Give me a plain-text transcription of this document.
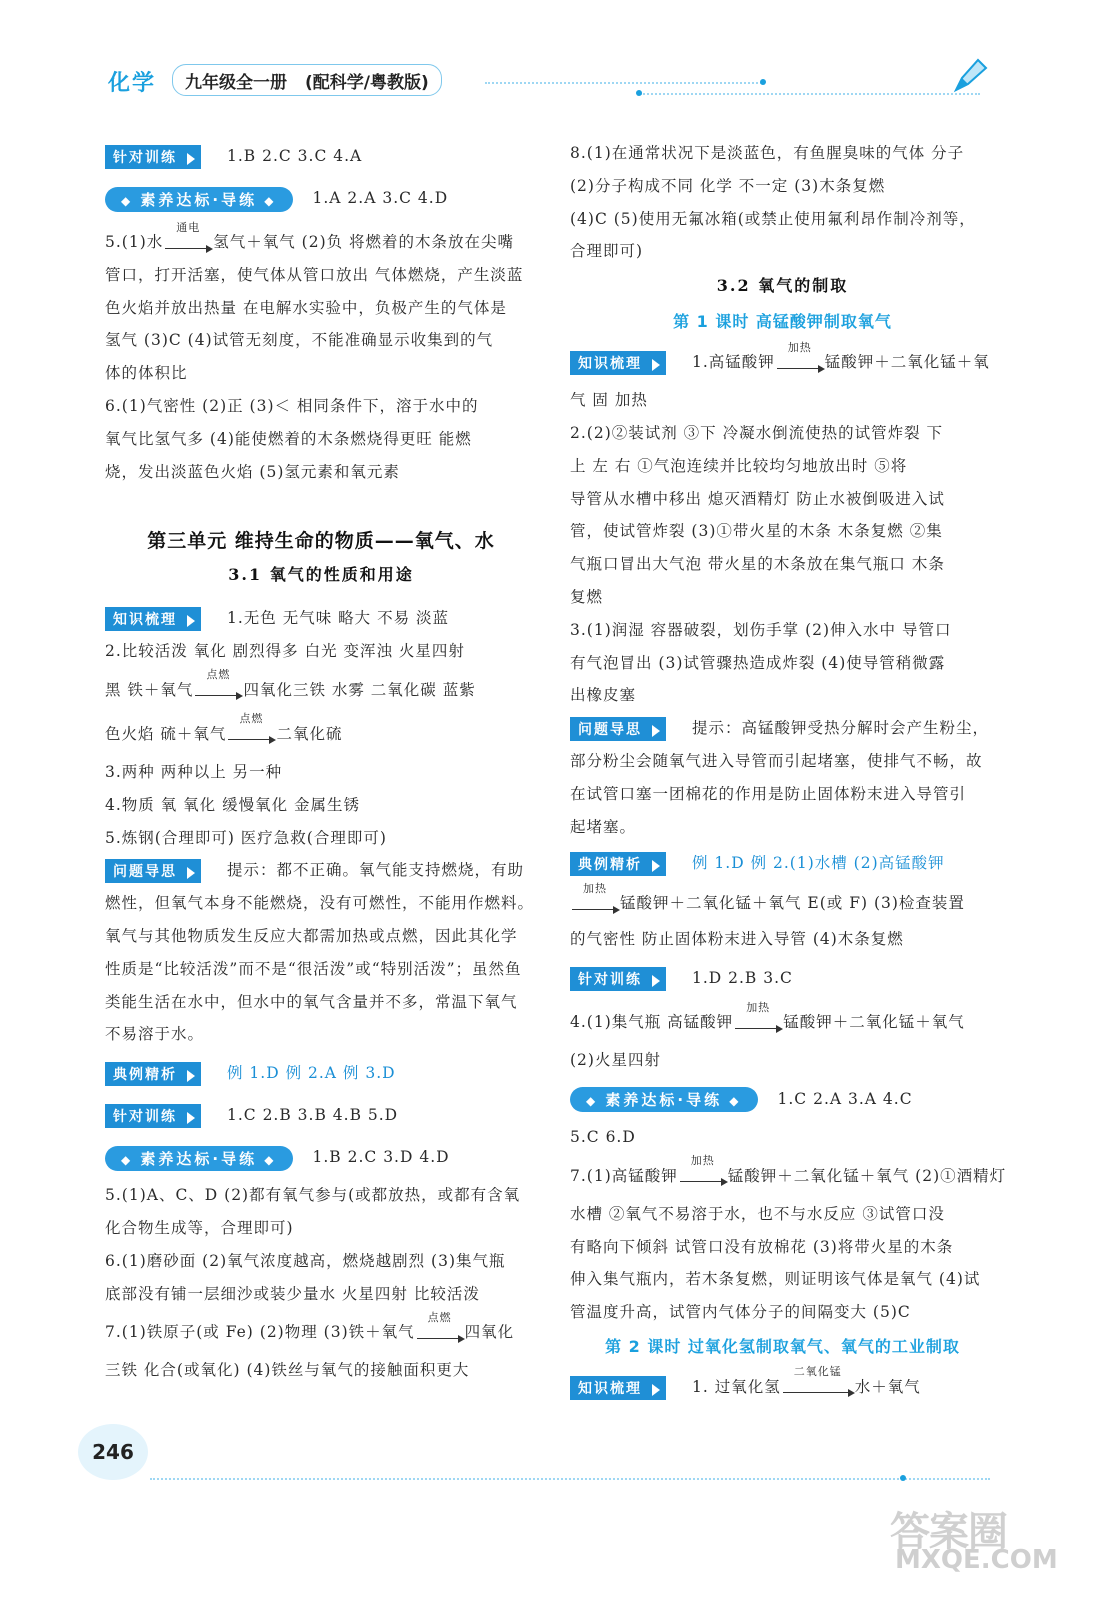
化学 九年级全一册 (配科学/粤教版)
针对训练	1.B 2.C 3.C 4.A
◆ 素养达标·导练 ◆	1.A 2.A 3.C 4.D
5.(1)水
通电
氢气＋氧气 (2)负 将燃着的木条放在尖嘴
管口，打开活塞，使气体从管口放出 气体燃烧，产生淡蓝
色火焰并放出热量 在电解水实验中，负极产生的气体是
氢气 (3)C (4)试管无刻度，不能准确显示收集到的气
体的体积比
6.(1)气密性 (2)正 (3)＜ 相同条件下，溶于水中的
氧气比氢气多 (4)能使燃着的木条燃烧得更旺 能燃
烧，发出淡蓝色火焰 (5)氢元素和氧元素
第三单元 维持生命的物质——氧气、水
3.1 氧气的性质和用途
知识梳理	1.无色 无气味 略大 不易 淡蓝
2.比较活泼 氧化 剧烈得多 白光 变浑浊 火星四射
黑 铁＋氧气
点燃
四氧化三铁 水雾 二氧化碳 蓝紫
色火焰 硫＋氧气
点燃
二氧化硫
3.两种 两种以上 另一种
4.物质 氧 氧化 缓慢氧化 金属生锈
5.炼钢(合理即可) 医疗急救(合理即可)
问题导思	提示：都不正确。氧气能支持燃烧，有助
燃性，但氧气本身不能燃烧，没有可燃性，不能用作燃料。
氧气与其他物质发生反应大都需加热或点燃，因此其化学
性质是“比较活泼”而不是“很活泼”或“特别活泼”；虽然鱼
类能生活在水中，但水中的氧气含量并不多，常温下氧气
不易溶于水。
典例精析	例 1.D 例 2.A 例 3.D
针对训练	1.C 2.B 3.B 4.B 5.D
◆ 素养达标·导练 ◆	1.B 2.C 3.D 4.D
5.(1)A、C、D (2)都有氧气参与(或都放热，或都有含氧
化合物生成等，合理即可)
6.(1)磨砂面 (2)氧气浓度越高，燃烧越剧烈 (3)集气瓶
底部没有铺一层细沙或装少量水 火星四射 比较活泼
7.(1)铁原子(或 Fe) (2)物理 (3)铁＋氧气
点燃
四氧化
三铁 化合(或氧化) (4)铁丝与氧气的接触面积更大
8.(1)在通常状况下是淡蓝色，有鱼腥臭味的气体 分子
(2)分子构成不同 化学 不一定 (3)木条复燃
(4)C (5)使用无氟冰箱(或禁止使用氟利昂作制冷剂等，
合理即可)
3.2 氧气的制取
第 1 课时 高锰酸钾制取氧气
知识梳理	1.高锰酸钾
加热
锰酸钾＋二氧化锰＋氧
气 固 加热
2.(2)②装试剂 ③下 冷凝水倒流使热的试管炸裂 下
上 左 右 ①气泡连续并比较均匀地放出时 ⑤将
导管从水槽中移出 熄灭酒精灯 防止水被倒吸进入试
管，使试管炸裂 (3)①带火星的木条 木条复燃 ②集
气瓶口冒出大气泡 带火星的木条放在集气瓶口 木条
复燃
3.(1)润湿 容器破裂，划伤手掌 (2)伸入水中 导管口
有气泡冒出 (3)试管骤热造成炸裂 (4)使导管稍微露
出橡皮塞
问题导思	提示：高锰酸钾受热分解时会产生粉尘，
部分粉尘会随氧气进入导管而引起堵塞，使排气不畅，故
在试管口塞一团棉花的作用是防止固体粉末进入导管引
起堵塞。
典例精析	例 1.D 例 2.(1)水槽 (2)高锰酸钾
加热
锰酸钾＋二氧化锰＋氧气 E(或 F) (3)检查装置
的气密性 防止固体粉末进入导管 (4)木条复燃
针对训练	1.D 2.B 3.C
4.(1)集气瓶 高锰酸钾
加热
锰酸钾＋二氧化锰＋氧气
(2)火星四射
◆ 素养达标·导练 ◆	1.C 2.A 3.A 4.C
5.C 6.D
7.(1)高锰酸钾
加热
锰酸钾＋二氧化锰＋氧气 (2)①酒精灯
水槽 ②氧气不易溶于水，也不与水反应 ③试管口没
有略向下倾斜 试管口没有放棉花 (3)将带火星的木条
伸入集气瓶内，若木条复燃，则证明该气体是氧气 (4)试
管温度升高，试管内气体分子的间隔变大 (5)C
第 2 课时 过氧化氢制取氧气、氧气的工业制取
知识梳理	1. 过氧化氢
二氧化锰
水＋氧气
246
答案圈
MXQE.COM
